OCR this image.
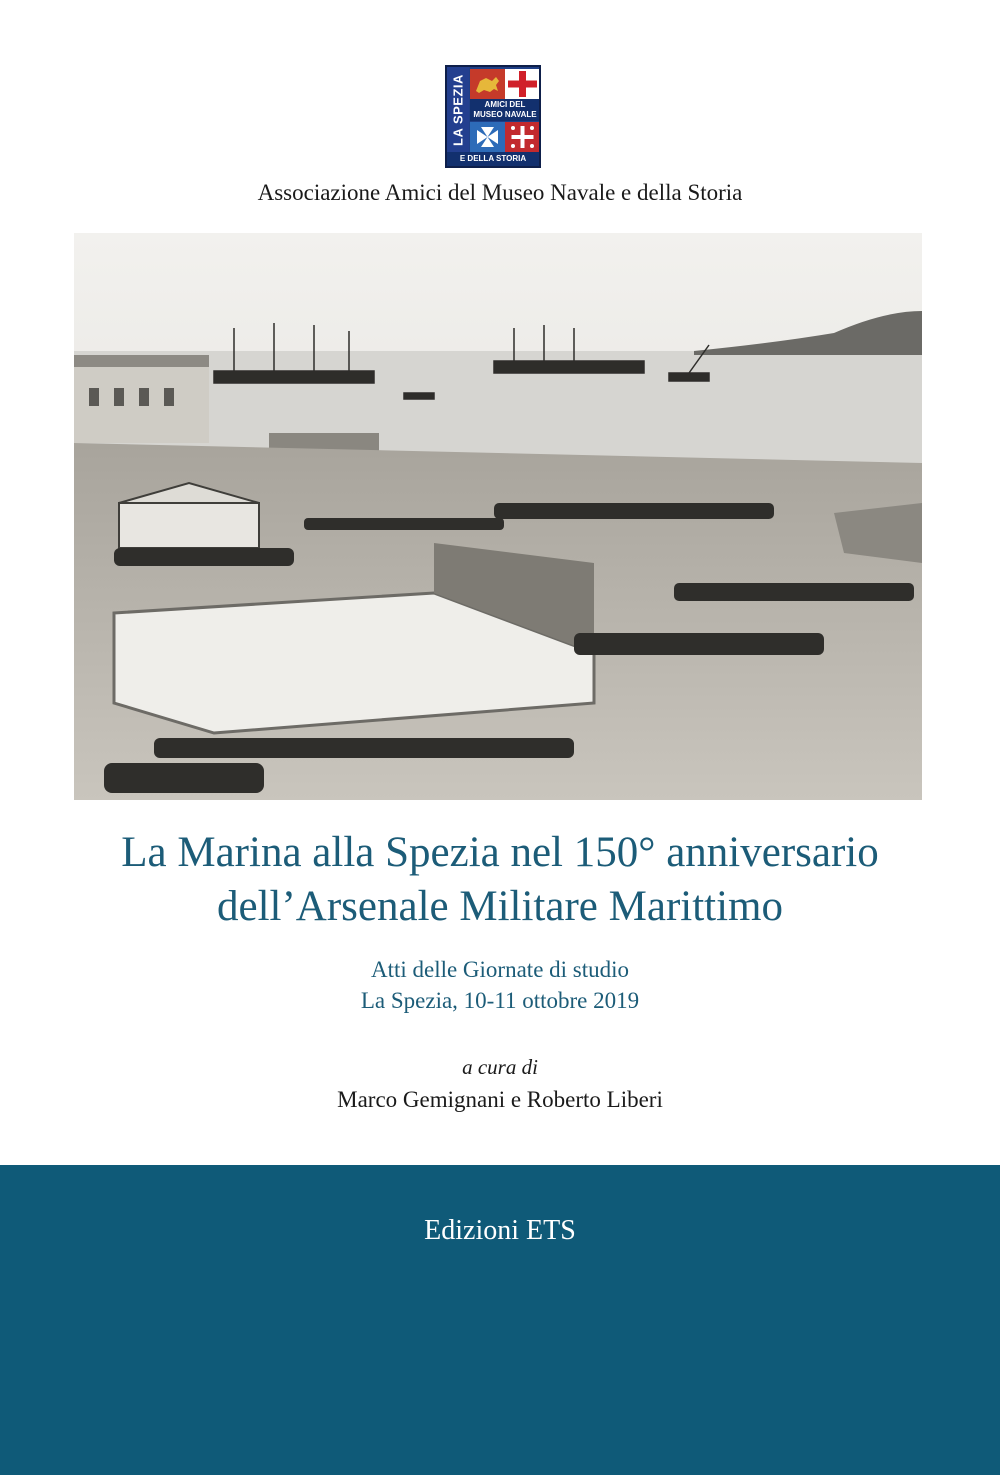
LA SPEZIA	AMICI DEL
MUSEO NAVALE
E DELLA STORIA
Associazione Amici del Museo Navale e della Storia
La Marina alla Spezia nel 150° anniversario
dell’Arsenale Militare Marittimo
Atti delle Giornate di studio
La Spezia, 10-11 ottobre 2019
a cura di
Marco Gemignani e Roberto Liberi
Edizioni ETS
